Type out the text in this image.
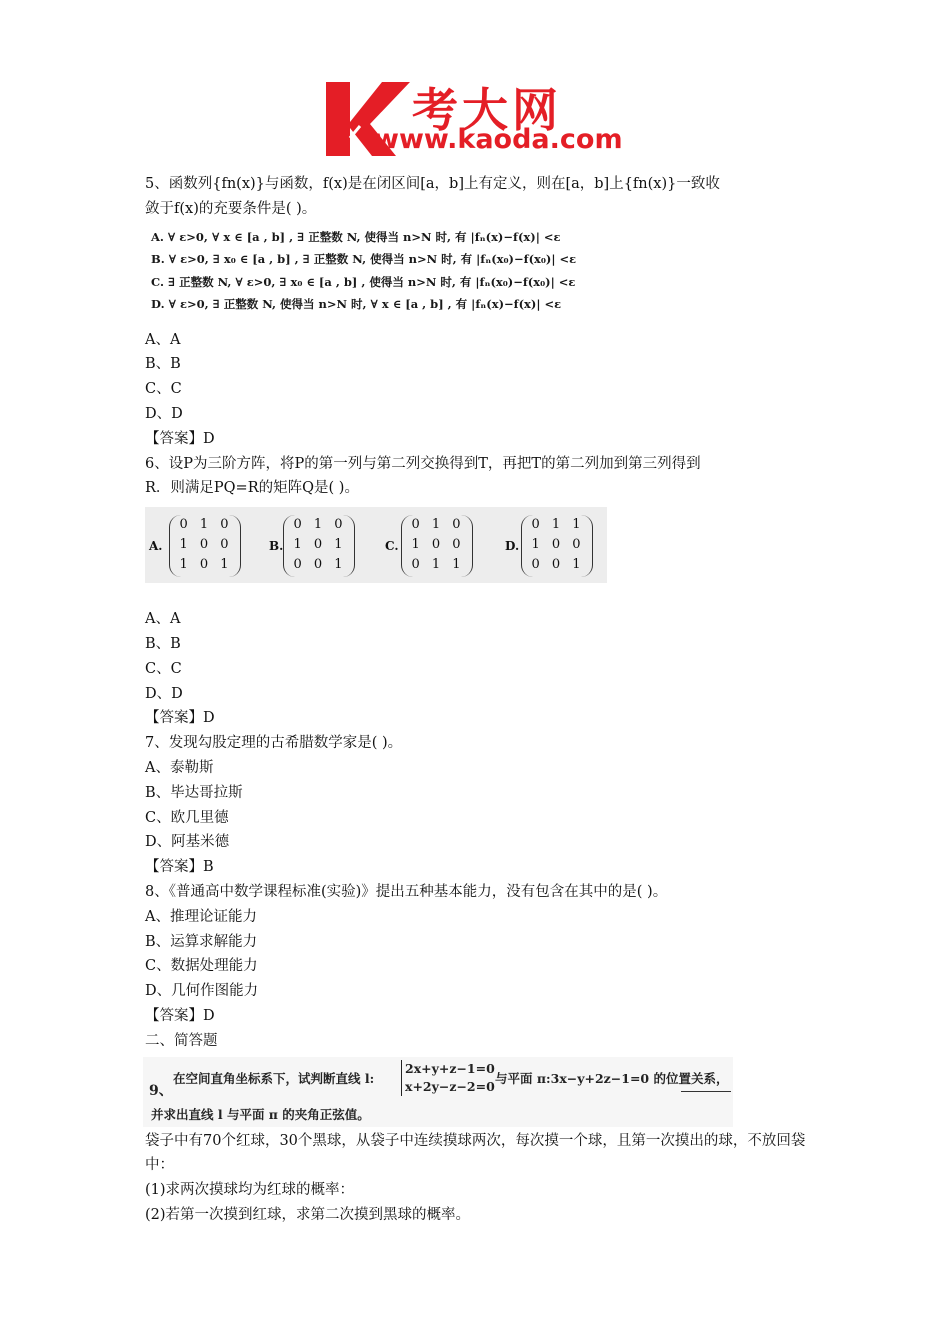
考大网
www.kaoda.com
5、函数列{fn(x)}与函数，f(x)是在闭区间[a，b]上有定义，则在[a，b]上{fn(x)}一致收
敛于f(x)的充要条件是( )。
A. ∀ ε>0, ∀ x ∈ [a , b] , ∃ 正整数 N, 使得当 n>N 时, 有 |fₙ(x)−f(x)| <ε
B. ∀ ε>0, ∃ x₀ ∈ [a , b] , ∃ 正整数 N, 使得当 n>N 时, 有 |fₙ(x₀)−f(x₀)| <ε
C. ∃ 正整数 N, ∀ ε>0, ∃ x₀ ∈ [a , b] , 使得当 n>N 时, 有 |fₙ(x₀)−f(x₀)| <ε
D. ∀ ε>0, ∃ 正整数 N, 使得当 n>N 时, ∀ x ∈ [a , b] , 有 |fₙ(x)−f(x)| <ε
A、A
B、B
C、C
D、D
【答案】D
6、设P为三阶方阵，将P的第一列与第二列交换得到T，再把T的第二列加到第三列得到
R．则满足PQ=R的矩阵Q是( )。
A.
0 1 0
1 0 0
1 0 1
B.
0 1 0
1 0 1
0 0 1
C.
0 1 0
1 0 0
0 1 1
D.
0 1 1
1 0 0
0 0 1
A、A
B、B
C、C
D、D
【答案】D
7、发现勾股定理的古希腊数学家是( )。
A、泰勒斯
B、毕达哥拉斯
C、欧几里德
D、阿基米德
【答案】B
8、《普通高中数学课程标准(实验)》提出五种基本能力，没有包含在其中的是( )。
A、推理论证能力
B、运算求解能力
C、数据处理能力
D、几何作图能力
【答案】D
二、简答题
9、
在空间直角坐标系下，试判断直线 l:
2x+y+z−1=0
x+2y−z−2=0
与平面 π:3x−y+2z−1=0 的位置关系，
并求出直线 l 与平面 π 的夹角正弦值。
袋子中有70个红球，30个黑球，从袋子中连续摸球两次，每次摸一个球，且第一次摸出的球，不放回袋中：
(1)求两次摸球均为红球的概率：
(2)若第一次摸到红球，求第二次摸到黑球的概率。
